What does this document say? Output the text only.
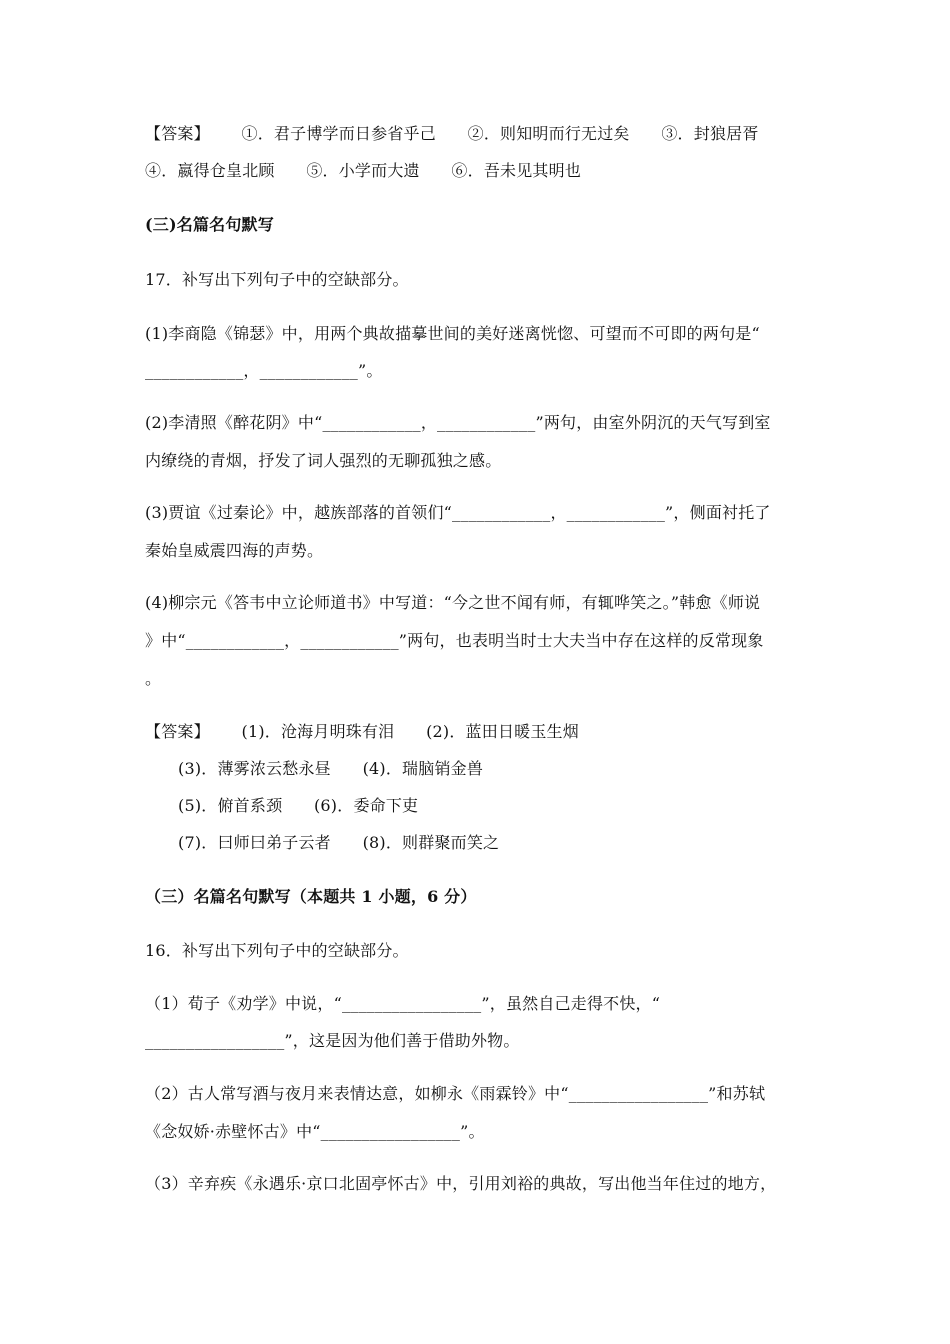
【答案】      ①．君子博学而日参省乎己      ②．则知明而行无过矣      ③．封狼居胥
④．嬴得仓皇北顾      ⑤．小学而大遗      ⑥．吾未见其明也
(三)名篇名句默写
17．补写出下列句子中的空缺部分。
(1)李商隐《锦瑟》中，用两个典故描摹世间的美好迷离恍惚、可望而不可即的两句是“
____________，____________”。
(2)李清照《醉花阴》中“____________，____________”两句，由室外阴沉的天气写到室
内缭绕的青烟，抒发了词人强烈的无聊孤独之感。
(3)贾谊《过秦论》中，越族部落的首领们“____________，____________”，侧面衬托了
秦始皇威震四海的声势。
(4)柳宗元《答韦中立论师道书》中写道：“今之世不闻有师，有辄哗笑之。”韩愈《师说
》中“____________，____________”两句，也表明当时士大夫当中存在这样的反常现象
。
【答案】      (1)．沧海月明珠有泪      (2)．蓝田日暖玉生烟
(3)．薄雾浓云愁永昼      (4)．瑞脑销金兽
(5)．俯首系颈      (6)．委命下吏
(7)．曰师曰弟子云者      (8)．则群聚而笑之
（三）名篇名句默写（本题共 1 小题，6 分）
16．补写出下列句子中的空缺部分。
（1）荀子《劝学》中说，“_________________”，虽然自己走得不快，“
_________________”，这是因为他们善于借助外物。
（2）古人常写酒与夜月来表情达意，如柳永《雨霖铃》中“_________________”和苏轼
《念奴娇·赤壁怀古》中“_________________”。
（3）辛弃疾《永遇乐·京口北固亭怀古》中，引用刘裕的典故，写出他当年住过的地方，
